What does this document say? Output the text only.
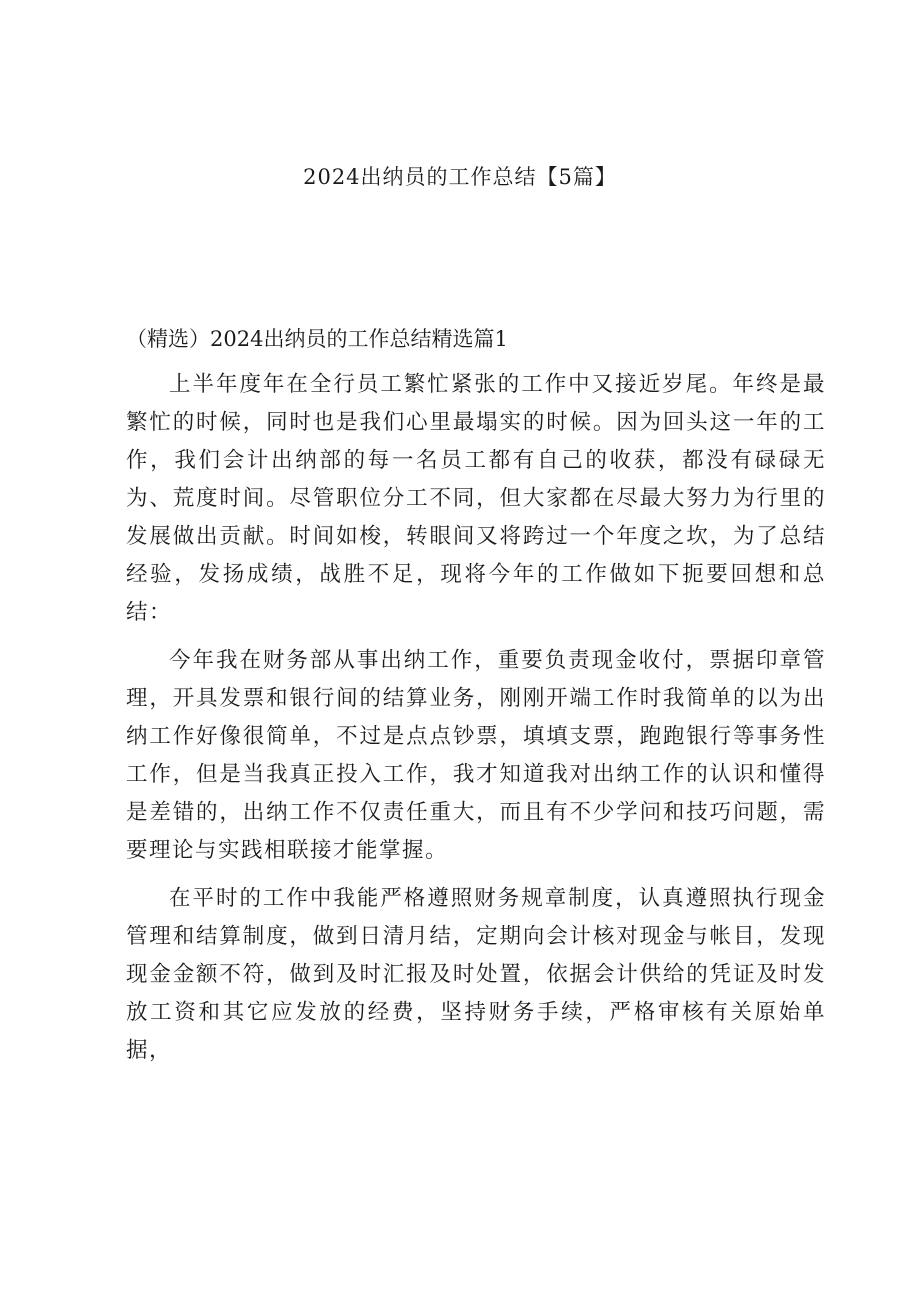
2024出纳员的工作总结【5篇】
（精选）2024出纳员的工作总结精选篇1

上半年度年在全行员工繁忙紧张的工作中又接近岁尾。年终是最繁忙的时候，同时也是我们心里最塌实的时候。因为回头这一年的工作，我们会计出纳部的每一名员工都有自己的收获，都没有碌碌无为、荒度时间。尽管职位分工不同，但大家都在尽最大努力为行里的发展做出贡献。时间如梭，转眼间又将跨过一个年度之坎，为了总结经验，发扬成绩，战胜不足，现将今年的工作做如下扼要回想和总结：

今年我在财务部从事出纳工作，重要负责现金收付，票据印章管理，开具发票和银行间的结算业务，刚刚开端工作时我简单的以为出纳工作好像很简单，不过是点点钞票，填填支票，跑跑银行等事务性工作，但是当我真正投入工作，我才知道我对出纳工作的认识和懂得是差错的，出纳工作不仅责任重大，而且有不少学问和技巧问题，需要理论与实践相联接才能掌握。

在平时的工作中我能严格遵照财务规章制度，认真遵照执行现金管理和结算制度，做到日清月结，定期向会计核对现金与帐目，发现现金金额不符，做到及时汇报及时处置，依据会计供给的凭证及时发放工资和其它应发放的经费，坚持财务手续，严格审核有关原始单据，
